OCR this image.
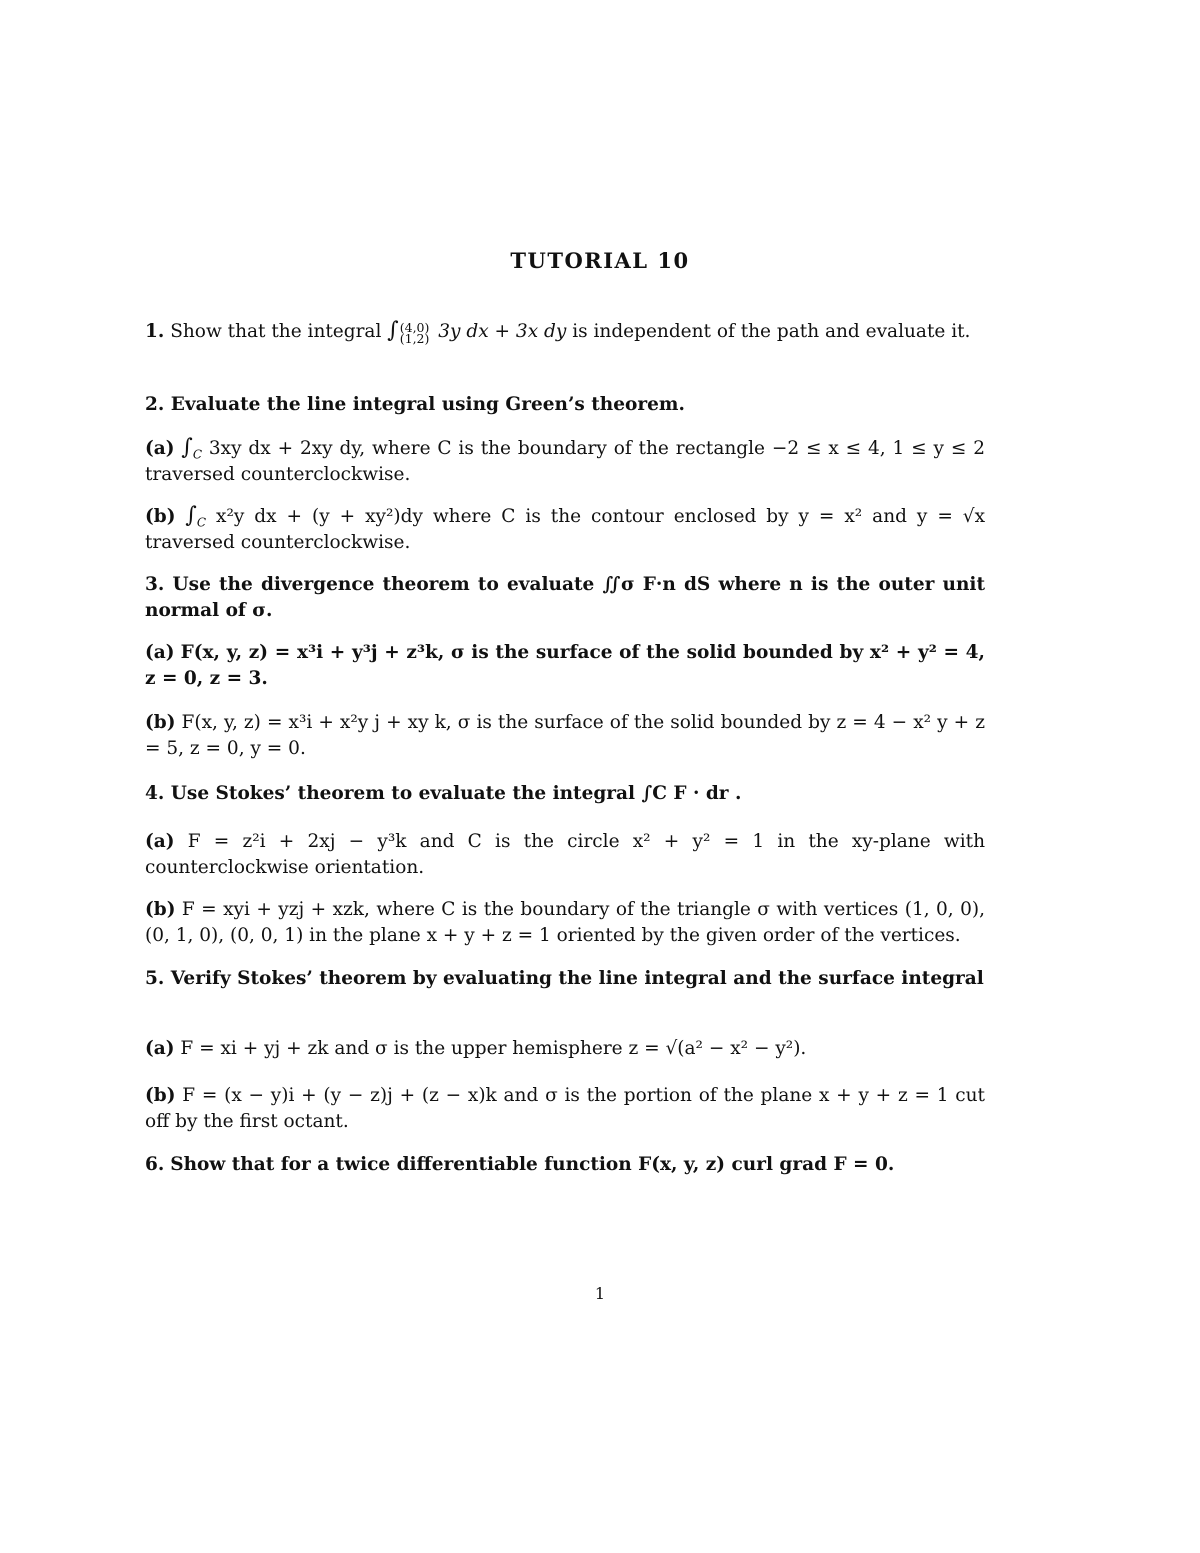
TUTORIAL 10
1. Show that the integral ∫ (4,0)
(1,2) 3y dx + 3x dy is independent of the path and evaluate it.
2. Evaluate the line integral using Green’s theorem.
(a) $\int_C$ 3xy dx + 2xy dy, where C is the boundary of the rectangle −2 ≤ x ≤ 4, 1 ≤ y ≤ 2 traversed counterclockwise.
(b) $\int_C$ x²y dx + (y + xy²)dy where C is the contour enclosed by y = x² and y = √x traversed counterclockwise.
3. Use the divergence theorem to evaluate ∬σ F·n dS where n is the outer unit normal of σ.
(a) F(x, y, z) = x³i + y³j + z³k, σ is the surface of the solid bounded by x² + y² = 4, z = 0, z = 3.
(b) F(x, y, z) = x³i + x²y j + xy k, σ is the surface of the solid bounded by z = 4 − x² y + z = 5, z = 0, y = 0.
4. Use Stokes’ theorem to evaluate the integral ∫C F · dr .
(a) F = z²i + 2xj − y³k and C is the circle x² + y² = 1 in the xy-plane with counterclockwise orientation.
(b) F = xyi + yzj + xzk, where C is the boundary of the triangle σ with vertices (1, 0, 0), (0, 1, 0), (0, 0, 1) in the plane x + y + z = 1 oriented by the given order of the vertices.
5. Verify Stokes’ theorem by evaluating the line integral and the surface integral
(a) F = xi + yj + zk and σ is the upper hemisphere z = √(a² − x² − y²).
(b) F = (x − y)i + (y − z)j + (z − x)k and σ is the portion of the plane x + y + z = 1 cut off by the first octant.
6. Show that for a twice differentiable function F(x, y, z) curl grad F = 0.
1
